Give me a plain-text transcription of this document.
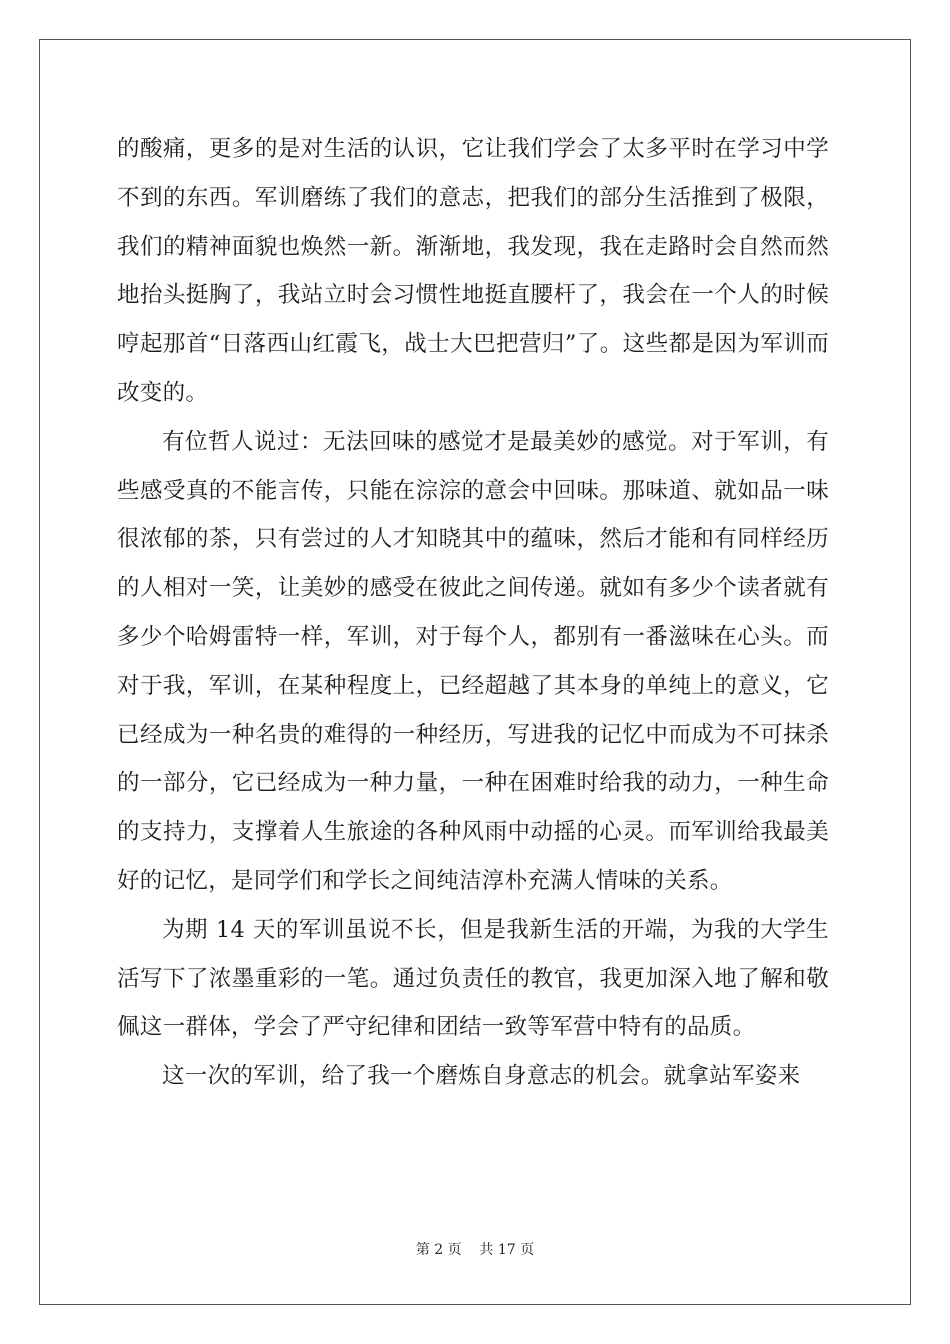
的酸痛，更多的是对生活的认识，它让我们学会了太多平时在学习中学不到的东西。军训磨练了我们的意志，把我们的部分生活推到了极限，我们的精神面貌也焕然一新。渐渐地，我发现，我在走路时会自然而然地抬头挺胸了，我站立时会习惯性地挺直腰杆了，我会在一个人的时候哼起那首“日落西山红霞飞，战士大巴把营归”了。这些都是因为军训而改变的。

有位哲人说过：无法回味的感觉才是最美妙的感觉。对于军训，有些感受真的不能言传，只能在淙淙的意会中回味。那味道、就如品一味很浓郁的茶，只有尝过的人才知晓其中的蕴味，然后才能和有同样经历的人相对一笑，让美妙的感受在彼此之间传递。就如有多少个读者就有多少个哈姆雷特一样，军训，对于每个人，都别有一番滋味在心头。而对于我，军训，在某种程度上，已经超越了其本身的单纯上的意义，它已经成为一种名贵的难得的一种经历，写进我的记忆中而成为不可抹杀的一部分，它已经成为一种力量，一种在困难时给我的动力，一种生命的支持力，支撑着人生旅途的各种风雨中动摇的心灵。而军训给我最美好的记忆，是同学们和学长之间纯洁淳朴充满人情味的关系。

为期 14 天的军训虽说不长，但是我新生活的开端，为我的大学生活写下了浓墨重彩的一笔。通过负责任的教官，我更加深入地了解和敬佩这一群体，学会了严守纪律和团结一致等军营中特有的品质。

这一次的军训，给了我一个磨炼自身意志的机会。就拿站军姿来

第 2 页    共 17 页
